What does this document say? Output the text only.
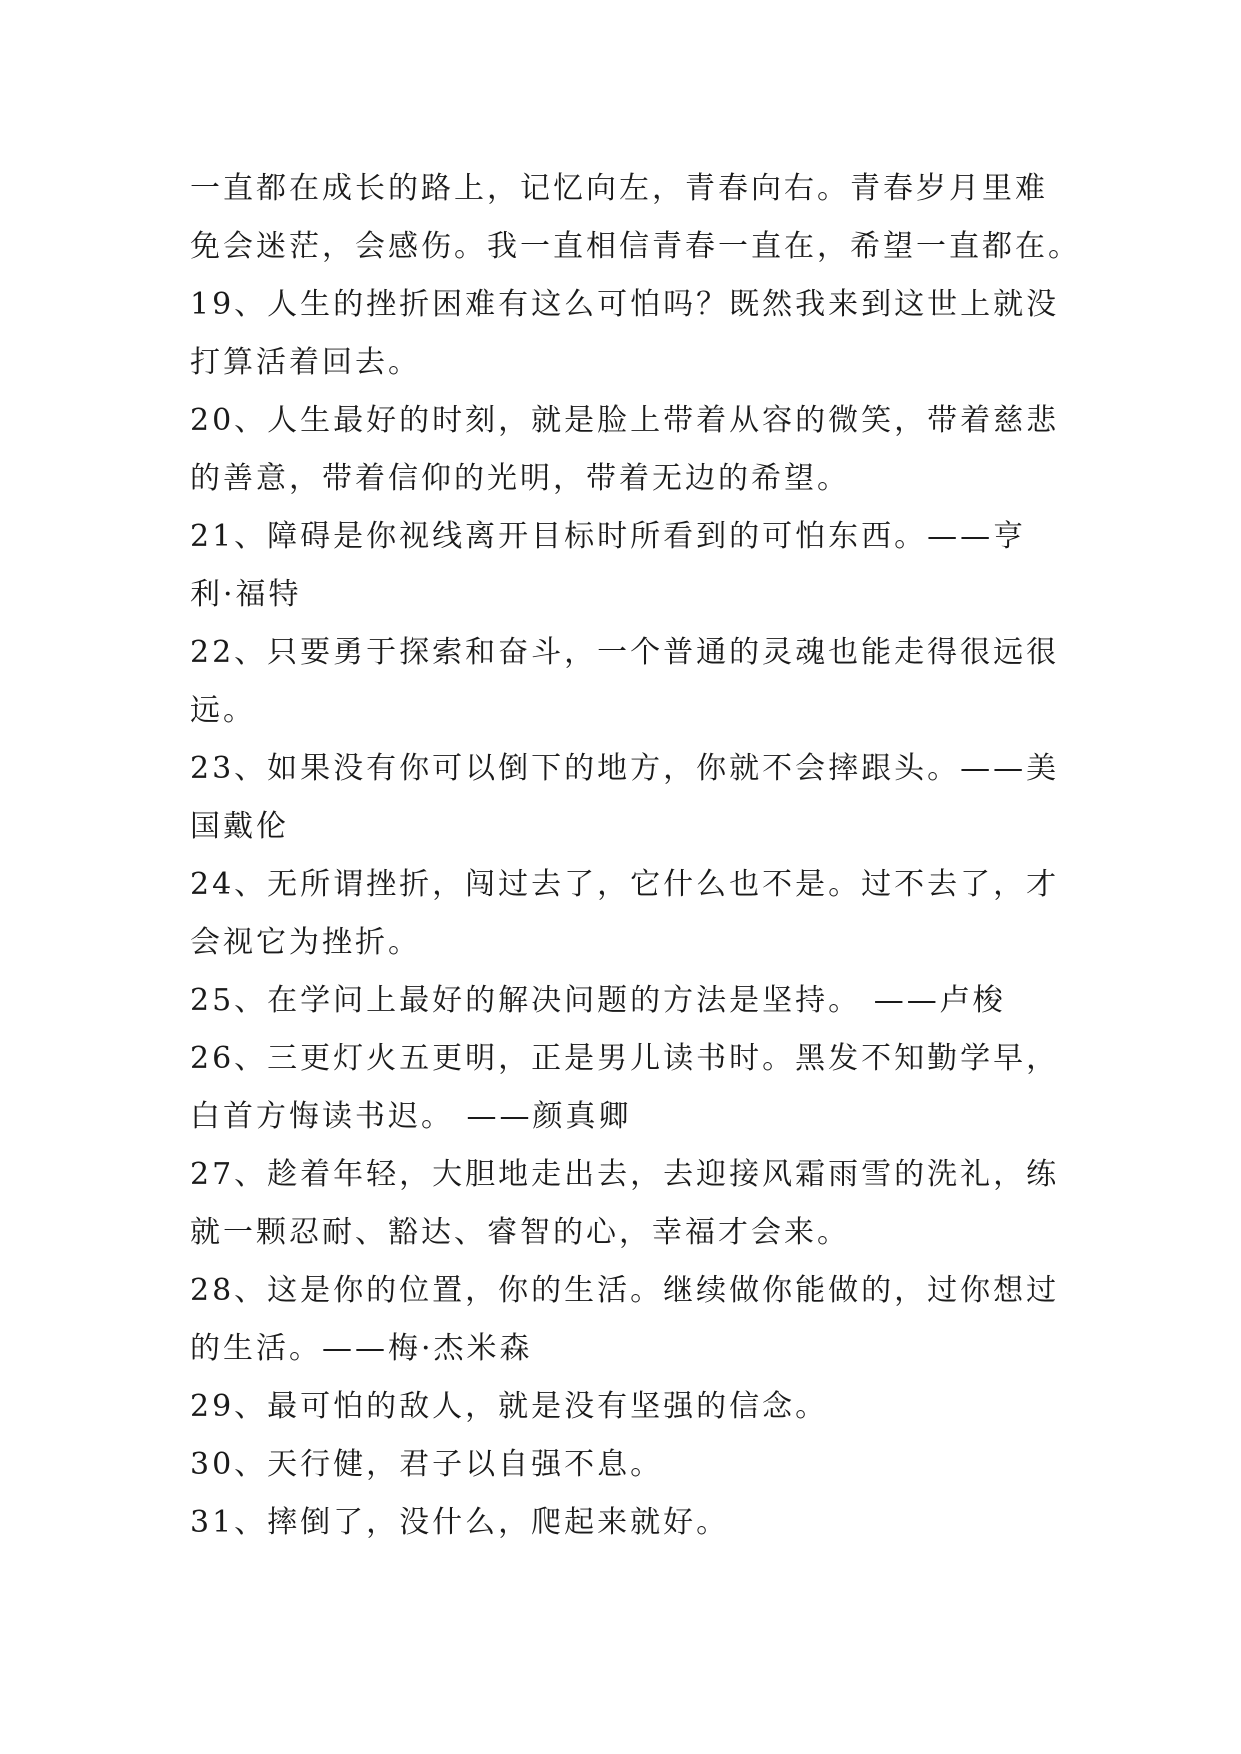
一直都在成长的路上，记忆向左，青春向右。青春岁月里难
免会迷茫，会感伤。我一直相信青春一直在，希望一直都在。
19、人生的挫折困难有这么可怕吗？既然我来到这世上就没
打算活着回去。
20、人生最好的时刻，就是脸上带着从容的微笑，带着慈悲
的善意，带着信仰的光明，带着无边的希望。
21、障碍是你视线离开目标时所看到的可怕东西。——亨
利·福特
22、只要勇于探索和奋斗，一个普通的灵魂也能走得很远很
远。
23、如果没有你可以倒下的地方，你就不会摔跟头。——美
国戴伦
24、无所谓挫折，闯过去了，它什么也不是。过不去了，才
会视它为挫折。
25、在学问上最好的解决问题的方法是坚持。 ——卢梭
26、三更灯火五更明，正是男儿读书时。黑发不知勤学早，
白首方悔读书迟。 ——颜真卿
27、趁着年轻，大胆地走出去，去迎接风霜雨雪的洗礼，练
就一颗忍耐、豁达、睿智的心，幸福才会来。
28、这是你的位置，你的生活。继续做你能做的，过你想过
的生活。——梅·杰米森
29、最可怕的敌人，就是没有坚强的信念。
30、天行健，君子以自强不息。
31、摔倒了，没什么，爬起来就好。
